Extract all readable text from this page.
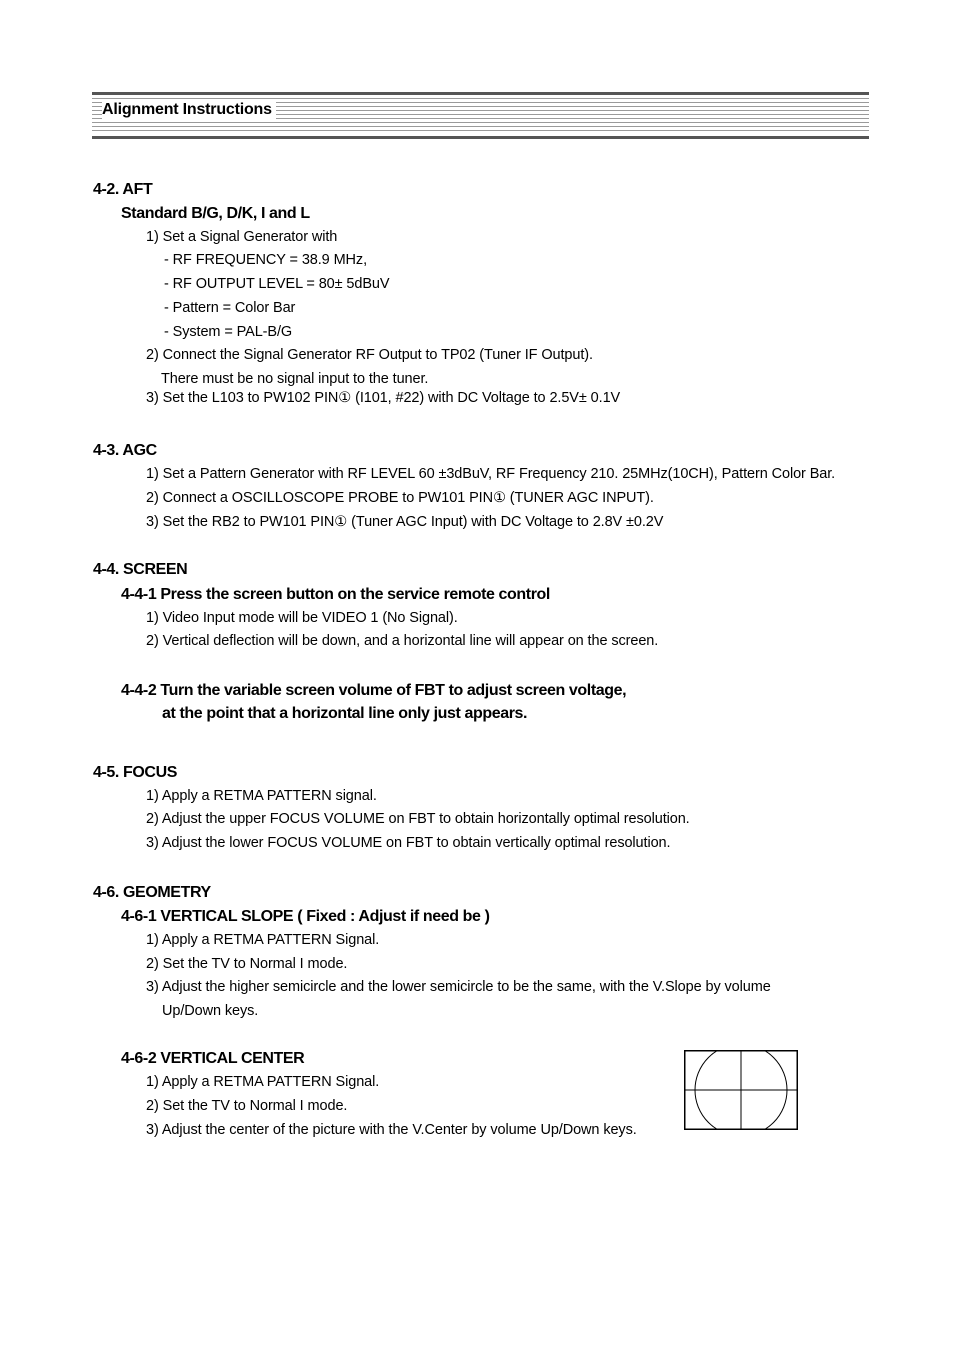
Alignment Instructions
4-2. AFT
Standard B/G, D/K, I and L
1) Set a Signal Generator with
- RF FREQUENCY = 38.9 MHz,
- RF OUTPUT LEVEL = 80± 5dBuV
- Pattern = Color Bar
- System = PAL-B/G
2) Connect the Signal Generator RF Output to TP02 (Tuner IF Output).
There must be no signal input to the tuner.
3) Set the L103 to PW102 PIN① (I101, #22) with DC Voltage to 2.5V± 0.1V
4-3. AGC
1) Set a Pattern Generator with RF LEVEL 60 ±3dBuV, RF Frequency 210. 25MHz(10CH), Pattern Color Bar.
2) Connect a OSCILLOSCOPE PROBE to PW101 PIN① (TUNER AGC INPUT).
3) Set the RB2 to PW101 PIN① (Tuner AGC Input) with DC Voltage to 2.8V ±0.2V
4-4. SCREEN
4-4-1 Press the screen button on the service remote control
1) Video Input mode will be VIDEO 1 (No Signal).
2) Vertical deflection will be down, and a horizontal line will appear on the screen.
4-4-2 Turn the variable screen volume of FBT to adjust screen voltage,
at the point that a horizontal line only just appears.
4-5. FOCUS
1) Apply a RETMA PATTERN signal.
2) Adjust the upper FOCUS VOLUME on FBT to obtain horizontally optimal resolution.
3) Adjust the lower FOCUS VOLUME on FBT to obtain vertically optimal resolution.
4-6. GEOMETRY
4-6-1 VERTICAL SLOPE ( Fixed : Adjust if need be )
1) Apply a RETMA PATTERN Signal.
2) Set the TV to Normal I mode.
3) Adjust the higher semicircle and the lower semicircle to be the same, with the V.Slope by volume
Up/Down keys.
4-6-2 VERTICAL CENTER
1) Apply a RETMA PATTERN Signal.
2) Set the TV to Normal I mode.
3) Adjust the center of the picture with the V.Center by volume Up/Down keys.
